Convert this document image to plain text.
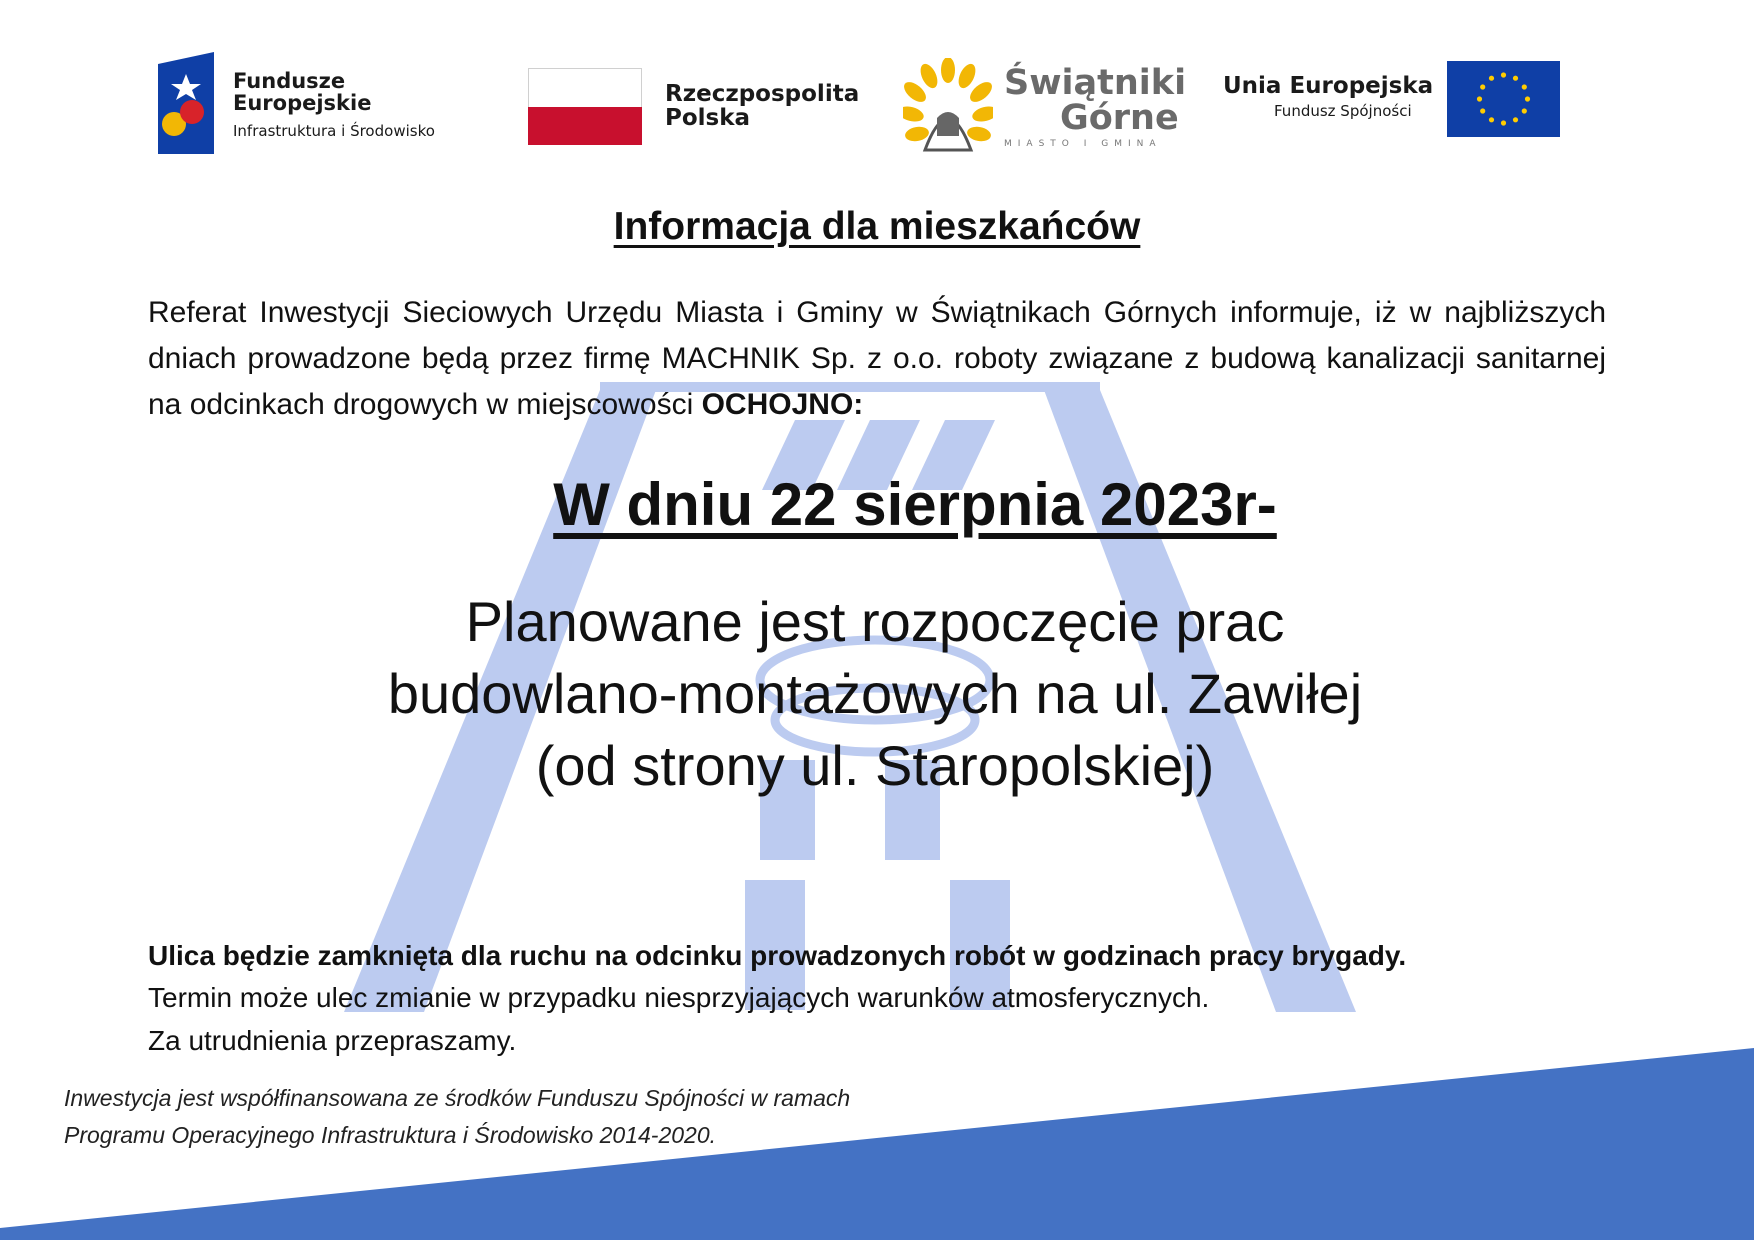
Fundusze
Europejskie
Infrastruktura i Środowisko
Rzeczpospolita
Polska
Świątniki
Górne
MIASTO I GMINA
Unia Europejska
Fundusz Spójności
Informacja dla mieszkańców
Referat Inwestycji Sieciowych Urzędu Miasta i Gminy w Świątnikach Górnych informuje, iż w najbliższych dniach prowadzone będą przez firmę MACHNIK Sp. z o.o. roboty związane z budową kanalizacji sanitarnej na odcinkach drogowych w miejscowości OCHOJNO:
W dniu 22 sierpnia 2023r-
Planowane jest rozpoczęcie prac
budowlano-montażowych na ul. Zawiłej
(od strony ul. Staropolskiej)
Ulica będzie zamknięta dla ruchu na odcinku prowadzonych robót w godzinach pracy brygady.
Termin może ulec zmianie w przypadku niesprzyjających warunków atmosferycznych.
Za utrudnienia przepraszamy.
Inwestycja jest współfinansowana ze środków Funduszu Spójności w ramach
Programu Operacyjnego Infrastruktura i Środowisko 2014-2020.
